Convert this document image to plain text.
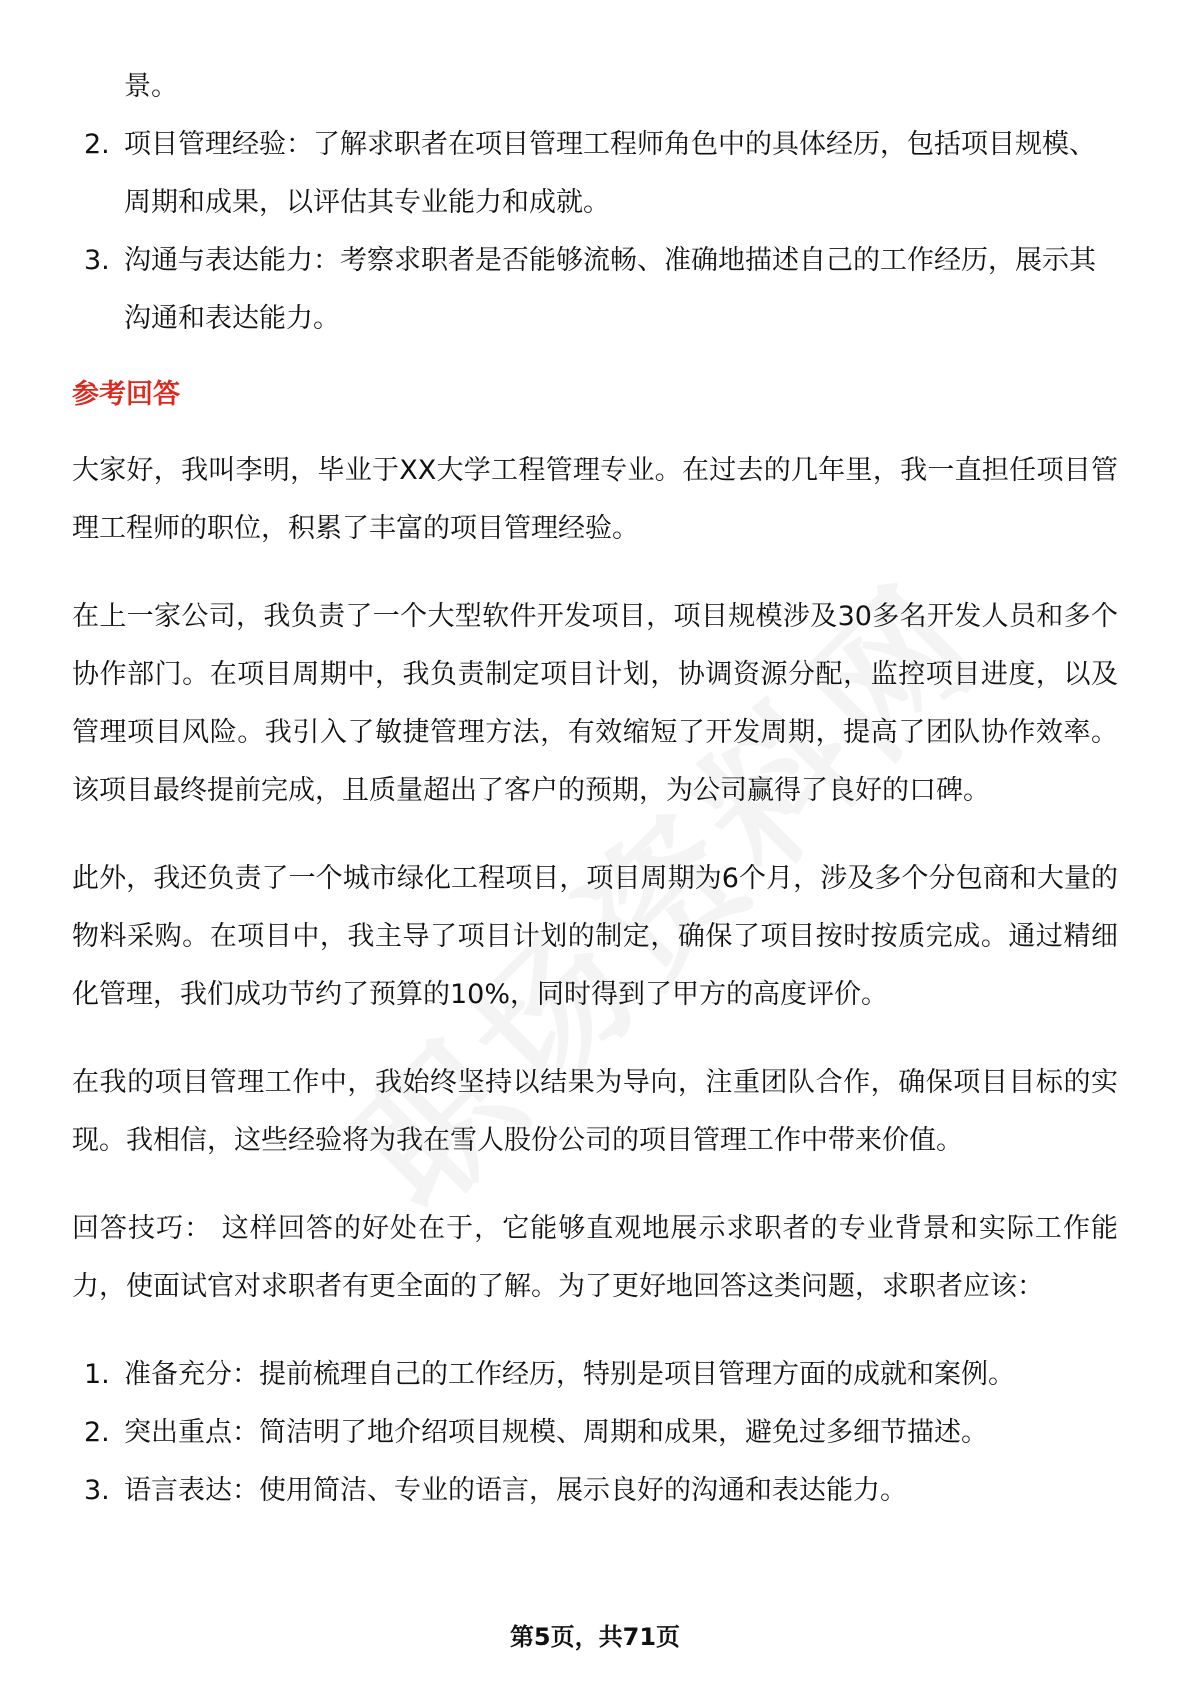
景。
2. 项目管理经验：了解求职者在项目管理工程师角色中的具体经历，包括项目规模、周期和成果，以评估其专业能力和成就。
3. 沟通与表达能力：考察求职者是否能够流畅、准确地描述自己的工作经历，展示其沟通和表达能力。
参考回答

大家好，我叫李明，毕业于XX大学工程管理专业。在过去的几年里，我一直担任项目管理工程师的职位，积累了丰富的项目管理经验。

在上一家公司，我负责了一个大型软件开发项目，项目规模涉及30多名开发人员和多个协作部门。在项目周期中，我负责制定项目计划，协调资源分配，监控项目进度，以及管理项目风险。我引入了敏捷管理方法，有效缩短了开发周期，提高了团队协作效率。该项目最终提前完成，且质量超出了客户的预期，为公司赢得了良好的口碑。

此外，我还负责了一个城市绿化工程项目，项目周期为6个月，涉及多个分包商和大量的物料采购。在项目中，我主导了项目计划的制定，确保了项目按时按质完成。通过精细化管理，我们成功节约了预算的10%，同时得到了甲方的高度评价。

在我的项目管理工作中，我始终坚持以结果为导向，注重团队合作，确保项目目标的实现。我相信，这些经验将为我在雪人股份公司的项目管理工作中带来价值。

回答技巧： 这样回答的好处在于，它能够直观地展示求职者的专业背景和实际工作能力，使面试官对求职者有更全面的了解。为了更好地回答这类问题，求职者应该：

1. 准备充分：提前梳理自己的工作经历，特别是项目管理方面的成就和案例。
2. 突出重点：简洁明了地介绍项目规模、周期和成果，避免过多细节描述。
3. 语言表达：使用简洁、专业的语言，展示良好的沟通和表达能力。
第5页，共71页
